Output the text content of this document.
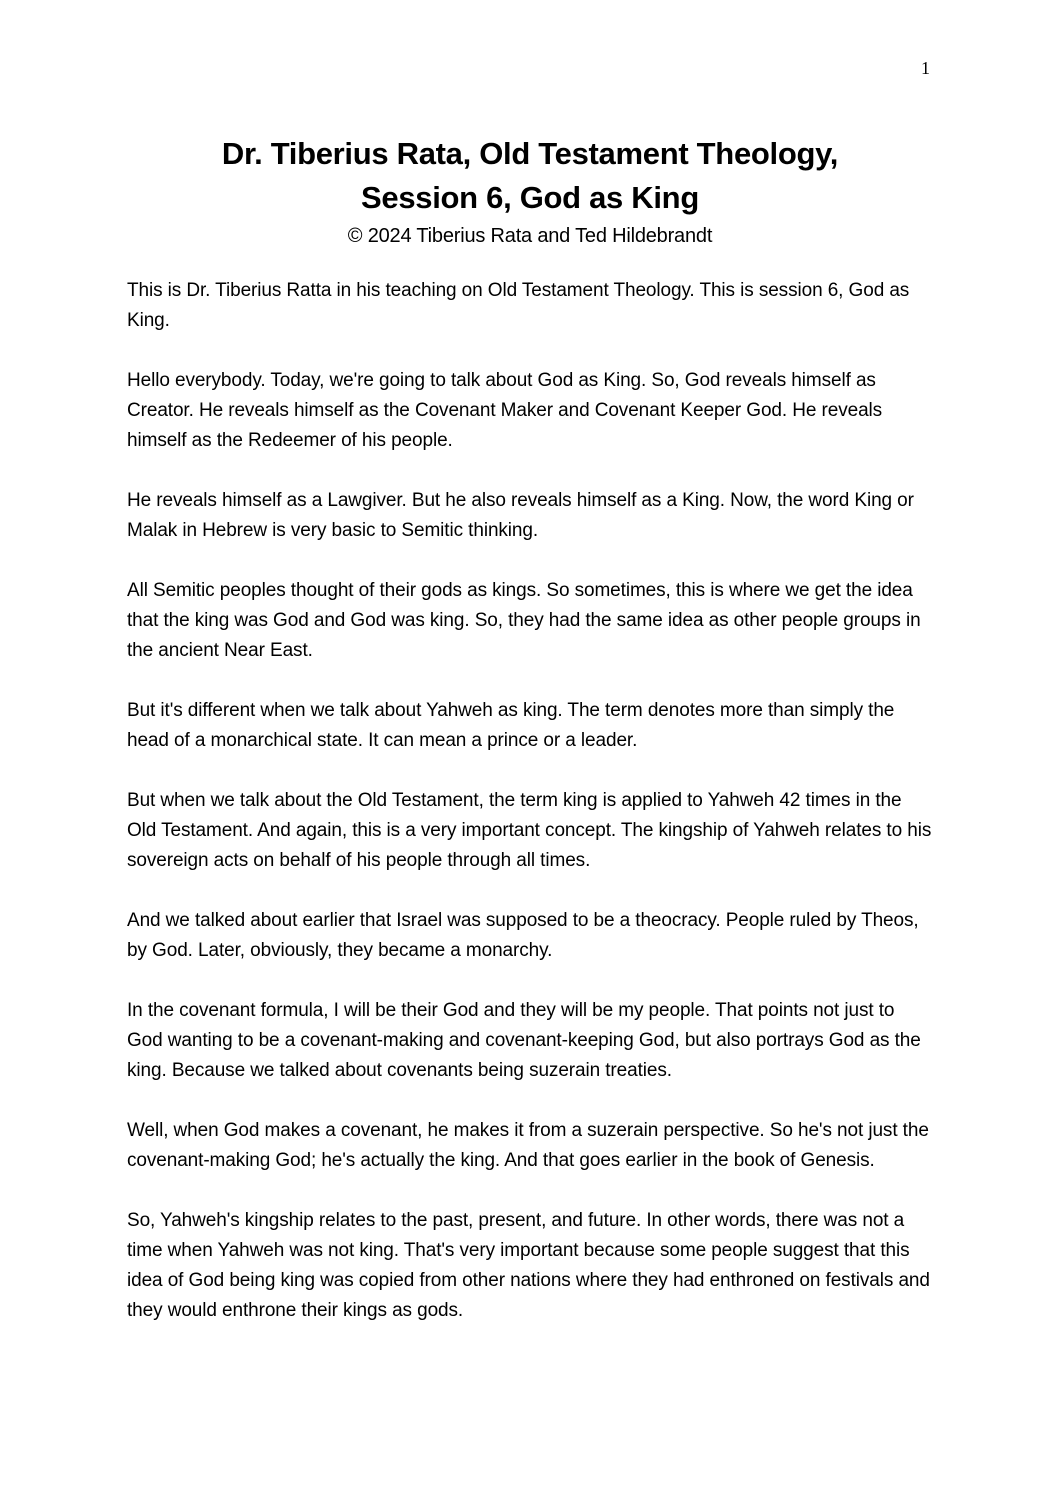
1
Dr. Tiberius Rata, Old Testament Theology,
Session 6, God as King
© 2024 Tiberius Rata and Ted Hildebrandt

This is Dr. Tiberius Ratta in his teaching on Old Testament Theology. This is session 6, God as King.

Hello everybody. Today, we're going to talk about God as King. So, God reveals himself as Creator. He reveals himself as the Covenant Maker and Covenant Keeper God. He reveals himself as the Redeemer of his people.

He reveals himself as a Lawgiver. But he also reveals himself as a King. Now, the word King or Malak in Hebrew is very basic to Semitic thinking.

All Semitic peoples thought of their gods as kings. So sometimes, this is where we get the idea that the king was God and God was king. So, they had the same idea as other people groups in the ancient Near East.

But it's different when we talk about Yahweh as king. The term denotes more than simply the head of a monarchical state. It can mean a prince or a leader.

But when we talk about the Old Testament, the term king is applied to Yahweh 42 times in the Old Testament. And again, this is a very important concept. The kingship of Yahweh relates to his sovereign acts on behalf of his people through all times.

And we talked about earlier that Israel was supposed to be a theocracy. People ruled by Theos, by God. Later, obviously, they became a monarchy.

In the covenant formula, I will be their God and they will be my people. That points not just to God wanting to be a covenant-making and covenant-keeping God, but also portrays God as the king. Because we talked about covenants being suzerain treaties.

Well, when God makes a covenant, he makes it from a suzerain perspective. So he's not just the covenant-making God; he's actually the king. And that goes earlier in the book of Genesis.

So, Yahweh's kingship relates to the past, present, and future. In other words, there was not a time when Yahweh was not king. That's very important because some people suggest that this idea of God being king was copied from other nations where they had enthroned on festivals and they would enthrone their kings as gods.
